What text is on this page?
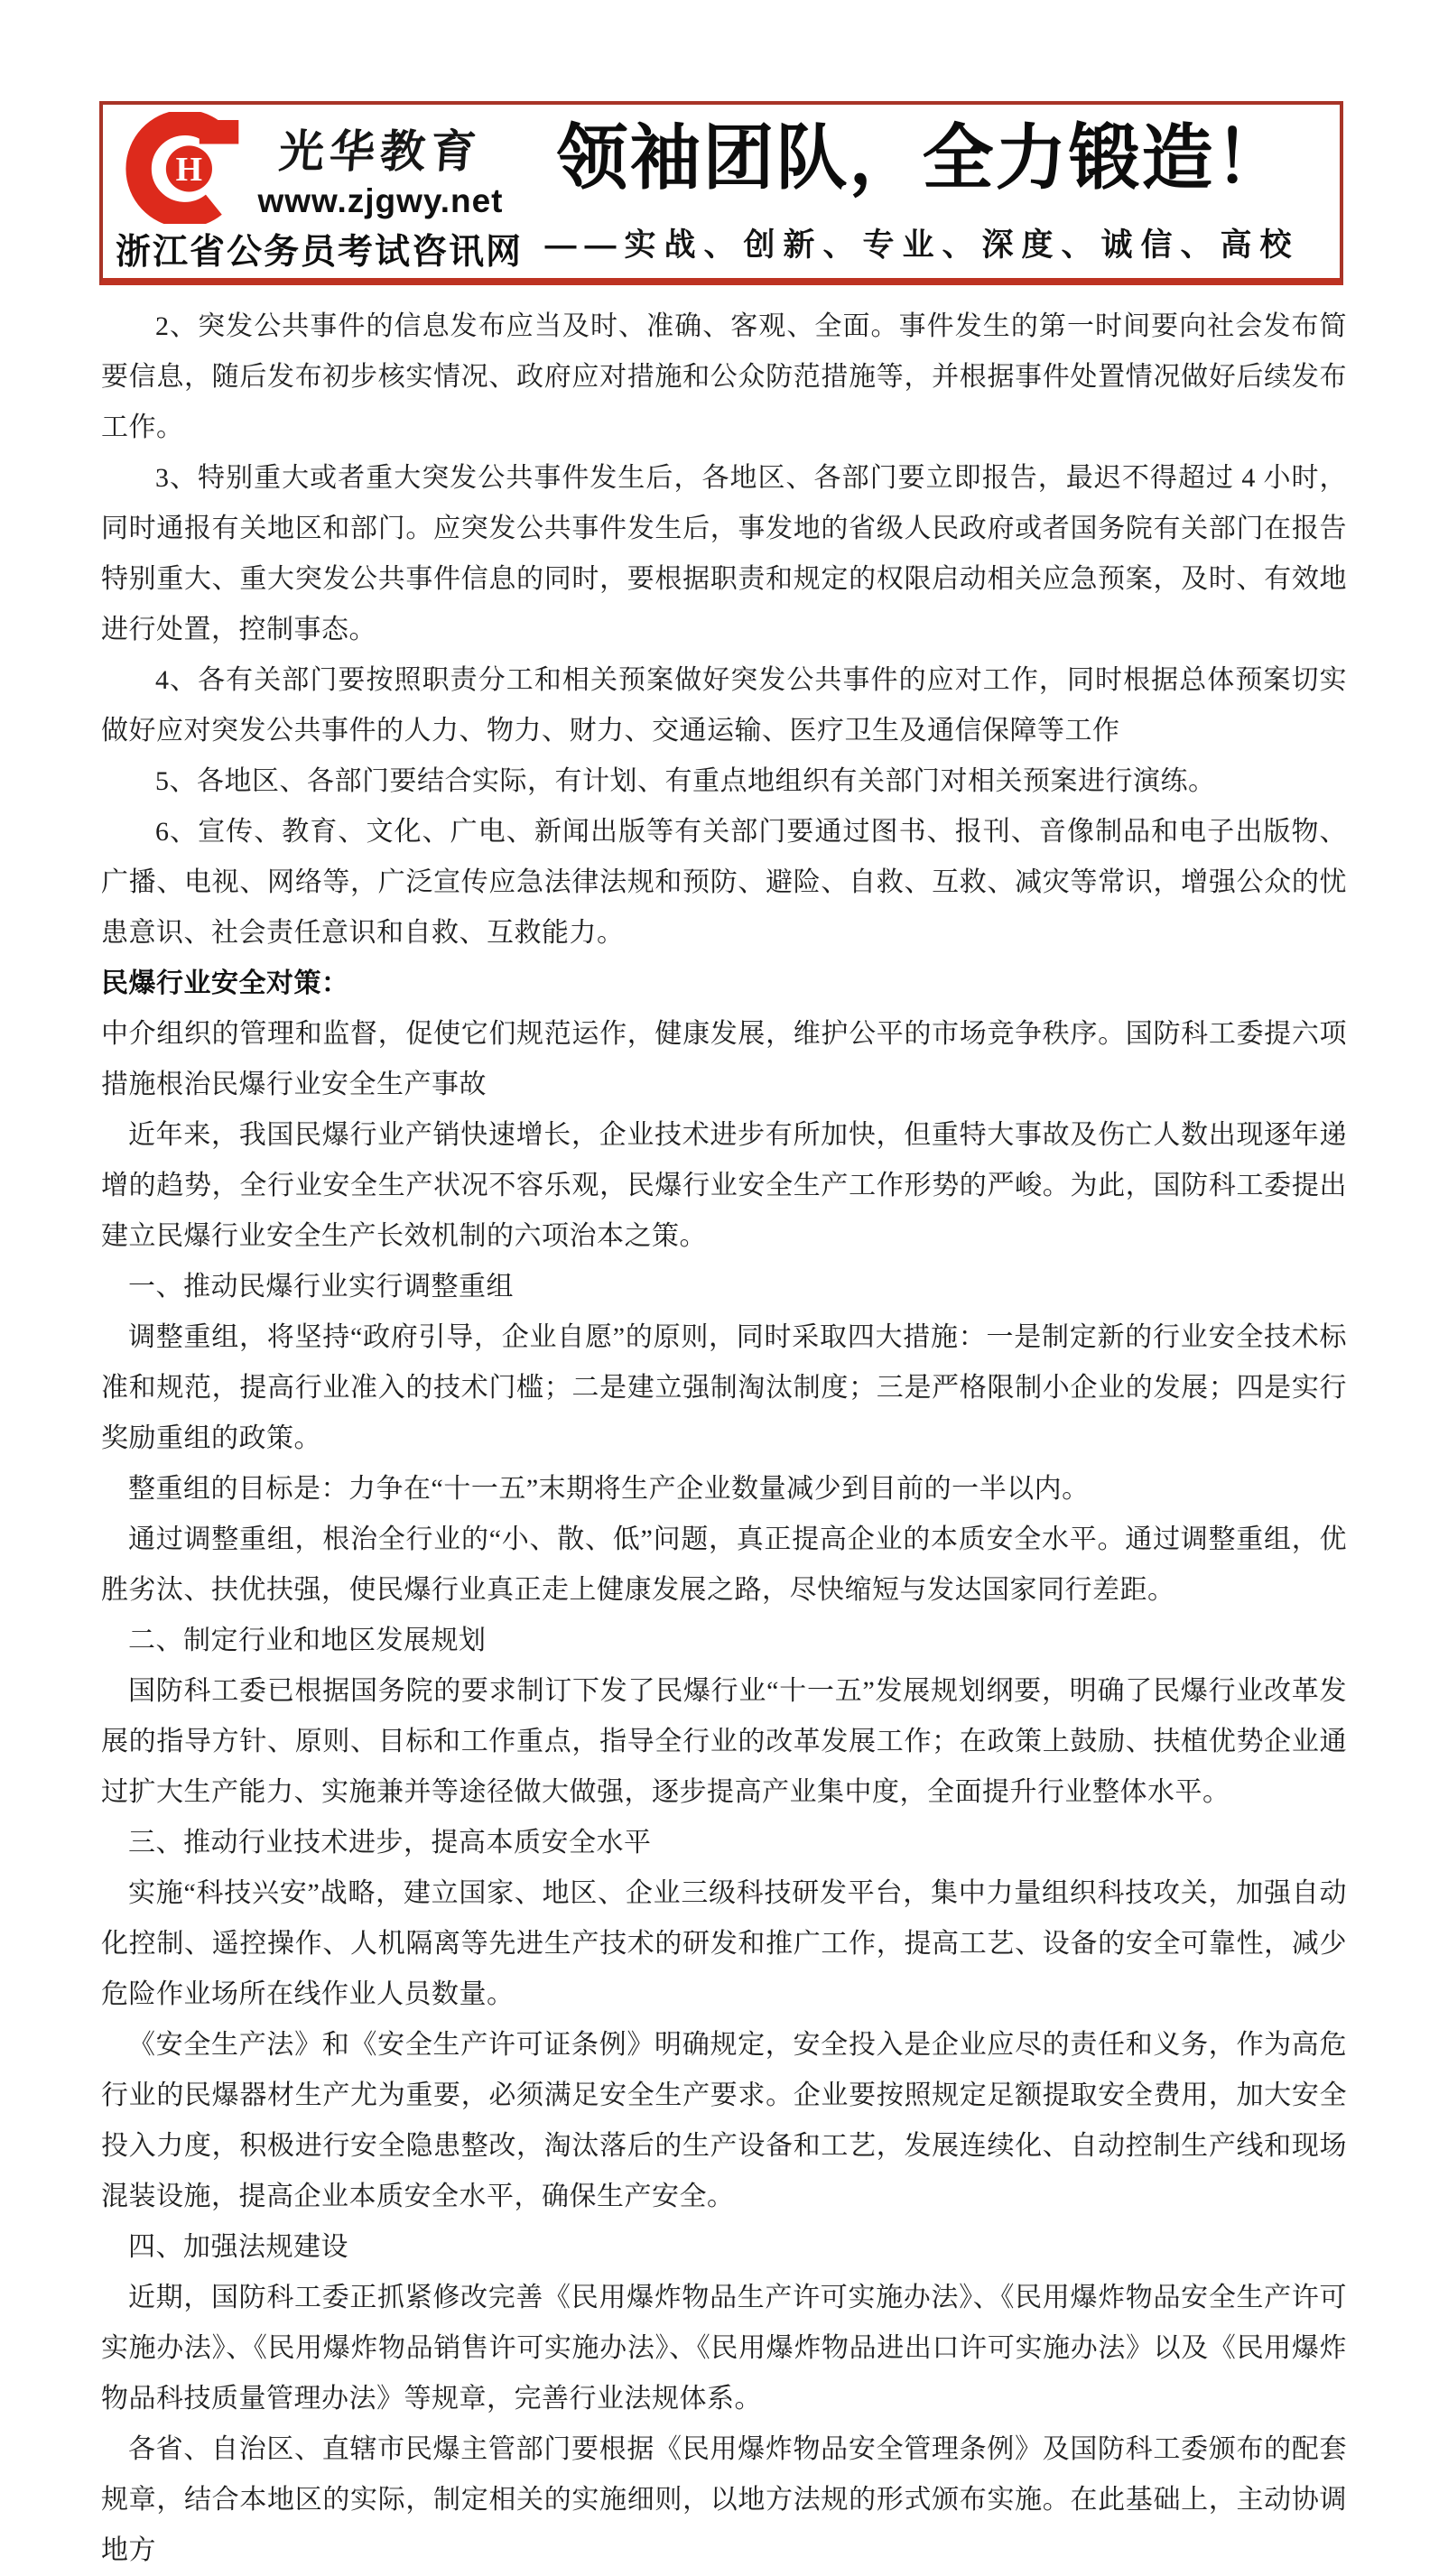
H	光华教育
www.zjgwy.net
浙江省公务员考试咨讯网
领袖团队，全力锻造！
——实战、创新、专业、深度、诚信、高校

2、突发公共事件的信息发布应当及时、准确、客观、全面。事件发生的第一时间要向社会发布简要信息，随后发布初步核实情况、政府应对措施和公众防范措施等，并根据事件处置情况做好后续发布工作。

3、特别重大或者重大突发公共事件发生后，各地区、各部门要立即报告，最迟不得超过 4 小时，同时通报有关地区和部门。应突发公共事件发生后，事发地的省级人民政府或者国务院有关部门在报告特别重大、重大突发公共事件信息的同时，要根据职责和规定的权限启动相关应急预案，及时、有效地进行处置，控制事态。

4、各有关部门要按照职责分工和相关预案做好突发公共事件的应对工作，同时根据总体预案切实做好应对突发公共事件的人力、物力、财力、交通运输、医疗卫生及通信保障等工作

5、各地区、各部门要结合实际，有计划、有重点地组织有关部门对相关预案进行演练。

6、宣传、教育、文化、广电、新闻出版等有关部门要通过图书、报刊、音像制品和电子出版物、广播、电视、网络等，广泛宣传应急法律法规和预防、避险、自救、互救、减灾等常识，增强公众的忧患意识、社会责任意识和自救、互救能力。

民爆行业安全对策：

中介组织的管理和监督，促使它们规范运作，健康发展，维护公平的市场竞争秩序。国防科工委提六项措施根治民爆行业安全生产事故

近年来，我国民爆行业产销快速增长，企业技术进步有所加快，但重特大事故及伤亡人数出现逐年递增的趋势，全行业安全生产状况不容乐观，民爆行业安全生产工作形势的严峻。为此，国防科工委提出建立民爆行业安全生产长效机制的六项治本之策。

一、推动民爆行业实行调整重组

调整重组，将坚持“政府引导，企业自愿”的原则，同时采取四大措施：一是制定新的行业安全技术标准和规范，提高行业准入的技术门槛；二是建立强制淘汰制度；三是严格限制小企业的发展；四是实行奖励重组的政策。

整重组的目标是：力争在“十一五”末期将生产企业数量减少到目前的一半以内。

通过调整重组，根治全行业的“小、散、低”问题，真正提高企业的本质安全水平。通过调整重组，优胜劣汰、扶优扶强，使民爆行业真正走上健康发展之路，尽快缩短与发达国家同行差距。

二、制定行业和地区发展规划

国防科工委已根据国务院的要求制订下发了民爆行业“十一五”发展规划纲要，明确了民爆行业改革发展的指导方针、原则、目标和工作重点，指导全行业的改革发展工作；在政策上鼓励、扶植优势企业通过扩大生产能力、实施兼并等途径做大做强，逐步提高产业集中度，全面提升行业整体水平。

三、推动行业技术进步，提高本质安全水平

实施“科技兴安”战略，建立国家、地区、企业三级科技研发平台，集中力量组织科技攻关，加强自动化控制、遥控操作、人机隔离等先进生产技术的研发和推广工作，提高工艺、设备的安全可靠性，减少危险作业场所在线作业人员数量。

《安全生产法》和《安全生产许可证条例》明确规定，安全投入是企业应尽的责任和义务，作为高危行业的民爆器材生产尤为重要，必须满足安全生产要求。企业要按照规定足额提取安全费用，加大安全投入力度，积极进行安全隐患整改，淘汰落后的生产设备和工艺，发展连续化、自动控制生产线和现场混装设施，提高企业本质安全水平，确保生产安全。

四、加强法规建设

近期，国防科工委正抓紧修改完善《民用爆炸物品生产许可实施办法》、《民用爆炸物品安全生产许可实施办法》、《民用爆炸物品销售许可实施办法》、《民用爆炸物品进出口许可实施办法》以及《民用爆炸物品科技质量管理办法》等规章，完善行业法规体系。

各省、自治区、直辖市民爆主管部门要根据《民用爆炸物品安全管理条例》及国防科工委颁布的配套规章，结合本地区的实际，制定相关的实施细则，以地方法规的形式颁布实施。在此基础上，主动协调地方
